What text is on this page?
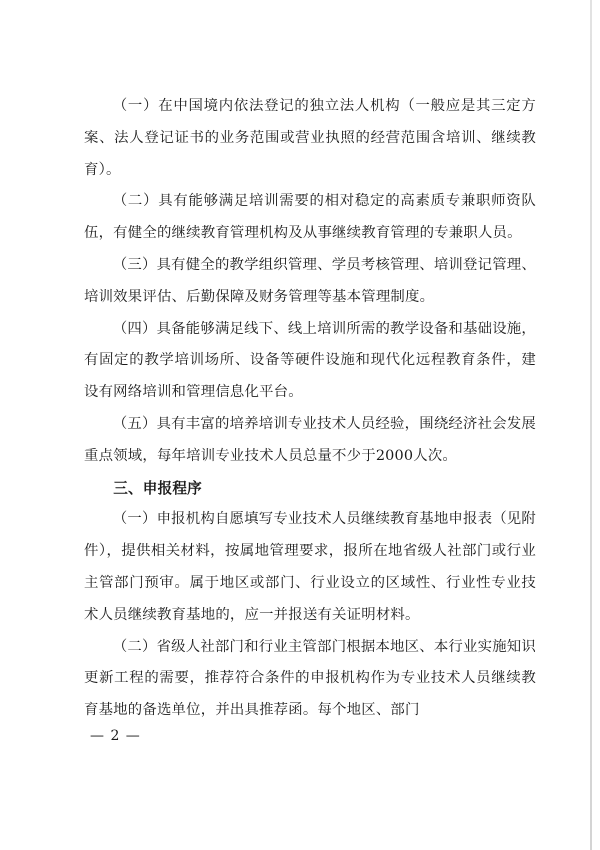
（一）在中国境内依法登记的独立法人机构（一般应是其三定方案、法人登记证书的业务范围或营业执照的经营范围含培训、继续教育）。

（二）具有能够满足培训需要的相对稳定的高素质专兼职师资队伍，有健全的继续教育管理机构及从事继续教育管理的专兼职人员。

（三）具有健全的教学组织管理、学员考核管理、培训登记管理、培训效果评估、后勤保障及财务管理等基本管理制度。

（四）具备能够满足线下、线上培训所需的教学设备和基础设施，有固定的教学培训场所、设备等硬件设施和现代化远程教育条件，建设有网络培训和管理信息化平台。

（五）具有丰富的培养培训专业技术人员经验，围绕经济社会发展重点领域，每年培训专业技术人员总量不少于2000人次。

三、申报程序

（一）申报机构自愿填写专业技术人员继续教育基地申报表（见附件），提供相关材料，按属地管理要求，报所在地省级人社部门或行业主管部门预审。属于地区或部门、行业设立的区域性、行业性专业技术人员继续教育基地的，应一并报送有关证明材料。

（二）省级人社部门和行业主管部门根据本地区、本行业实施知识更新工程的需要，推荐符合条件的申报机构作为专业技术人员继续教育基地的备选单位，并出具推荐函。每个地区、部门

— 2 —
